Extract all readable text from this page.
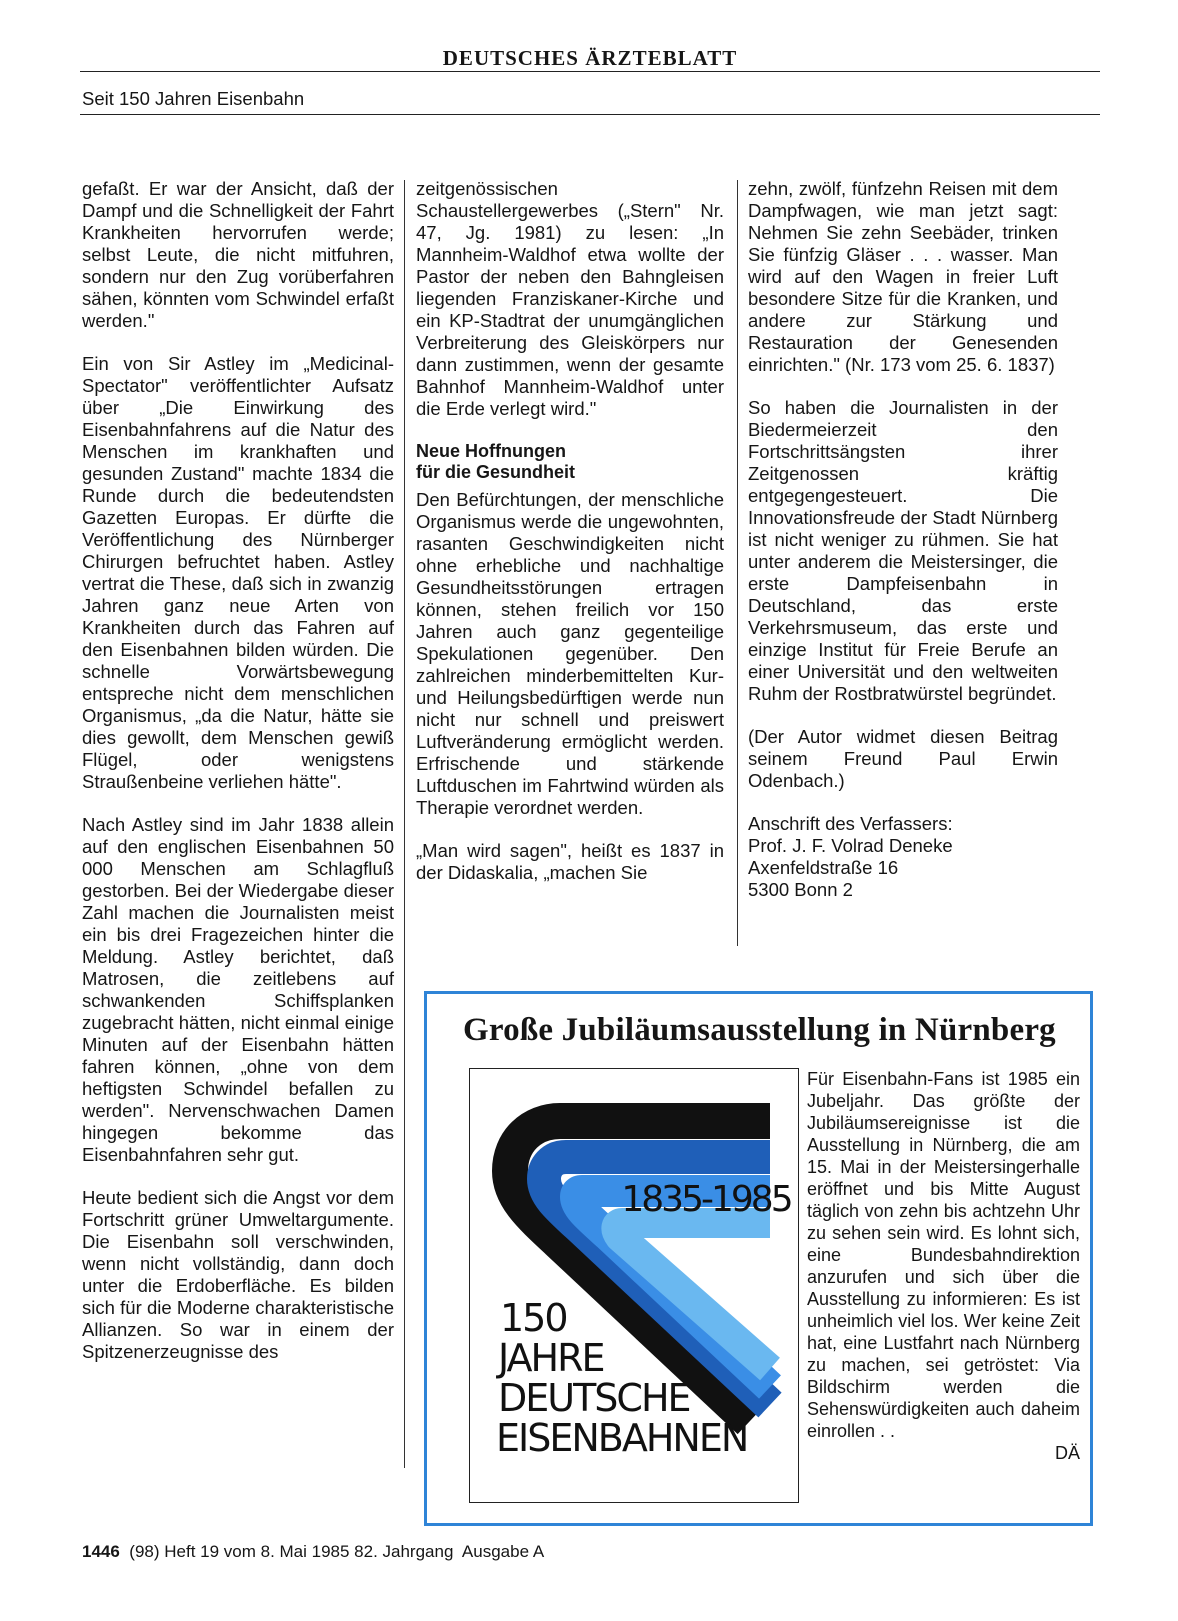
DEUTSCHES ÄRZTEBLATT
Seit 150 Jahren Eisenbahn

gefaßt. Er war der Ansicht, daß der Dampf und die Schnelligkeit der Fahrt Krankheiten hervorrufen werde; selbst Leute, die nicht mitfuhren, sondern nur den Zug vorüberfahren sähen, könnten vom Schwindel erfaßt werden."

Ein von Sir Astley im „Medicinal-Spectator" veröffentlichter Aufsatz über „Die Einwirkung des Eisenbahnfahrens auf die Natur des Menschen im krankhaften und gesunden Zustand" machte 1834 die Runde durch die bedeutendsten Gazetten Europas. Er dürfte die Veröffentlichung des Nürnberger Chirurgen befruchtet haben. Astley vertrat die These, daß sich in zwanzig Jahren ganz neue Arten von Krankheiten durch das Fahren auf den Eisenbahnen bilden würden. Die schnelle Vorwärtsbewegung entspreche nicht dem menschlichen Organismus, „da die Natur, hätte sie dies gewollt, dem Menschen gewiß Flügel, oder wenigstens Straußenbeine verliehen hätte".

Nach Astley sind im Jahr 1838 allein auf den englischen Eisenbahnen 50 000 Menschen am Schlagfluß gestorben. Bei der Wiedergabe dieser Zahl machen die Journalisten meist ein bis drei Fragezeichen hinter die Meldung. Astley berichtet, daß Matrosen, die zeitlebens auf schwankenden Schiffsplanken zugebracht hätten, nicht einmal einige Minuten auf der Eisenbahn hätten fahren können, „ohne von dem heftigsten Schwindel befallen zu werden". Nervenschwachen Damen hingegen bekomme das Eisenbahnfahren sehr gut.

Heute bedient sich die Angst vor dem Fortschritt grüner Umweltargumente. Die Eisenbahn soll verschwinden, wenn nicht vollständig, dann doch unter die Erdoberfläche. Es bilden sich für die Moderne charakteristische Allianzen. So war in einem der Spitzenerzeugnisse des

zeitgenössischen Schaustellergewerbes („Stern" Nr. 47, Jg. 1981) zu lesen: „In Mannheim-Waldhof etwa wollte der Pastor der neben den Bahngleisen liegenden Franziskaner-Kirche und ein KP-Stadtrat der unumgänglichen Verbreiterung des Gleiskörpers nur dann zustimmen, wenn der gesamte Bahnhof Mannheim-Waldhof unter die Erde verlegt wird."

Neue Hoffnungen
für die Gesundheit

Den Befürchtungen, der menschliche Organismus werde die ungewohnten, rasanten Geschwindigkeiten nicht ohne erhebliche und nachhaltige Gesundheitsstörungen ertragen können, stehen freilich vor 150 Jahren auch ganz gegenteilige Spekulationen gegenüber. Den zahlreichen minderbemittelten Kur- und Heilungsbedürftigen werde nun nicht nur schnell und preiswert Luftveränderung ermöglicht werden. Erfrischende und stärkende Luftduschen im Fahrtwind würden als Therapie verordnet werden.

„Man wird sagen", heißt es 1837 in der Didaskalia, „machen Sie

zehn, zwölf, fünfzehn Reisen mit dem Dampfwagen, wie man jetzt sagt: Nehmen Sie zehn Seebäder, trinken Sie fünfzig Gläser . . . wasser. Man wird auf den Wagen in freier Luft besondere Sitze für die Kranken, und andere zur Stärkung und Restauration der Genesenden einrichten." (Nr. 173 vom 25. 6. 1837)

So haben die Journalisten in der Biedermeierzeit den Fortschrittsängsten ihrer Zeitgenossen kräftig entgegengesteuert. Die Innovationsfreude der Stadt Nürnberg ist nicht weniger zu rühmen. Sie hat unter anderem die Meistersinger, die erste Dampfeisenbahn in Deutschland, das erste Verkehrsmuseum, das erste und einzige Institut für Freie Berufe an einer Universität und den weltweiten Ruhm der Rostbratwürstel begründet.

(Der Autor widmet diesen Beitrag seinem Freund Paul Erwin Odenbach.)

Anschrift des Verfassers:
Prof. J. F. Volrad Deneke
Axenfeldstraße 16
5300 Bonn 2
Große Jubiläumsausstellung in Nürnberg
1835-1985
150
JAHRE
DEUTSCHE
EISENBAHNEN
Für Eisenbahn-Fans ist 1985 ein Jubeljahr. Das größte der Jubiläumsereignisse ist die Ausstellung in Nürnberg, die am 15. Mai in der Meistersingerhalle eröffnet und bis Mitte August täglich von zehn bis achtzehn Uhr zu sehen sein wird. Es lohnt sich, eine Bundesbahndirektion anzurufen und sich über die Ausstellung zu informieren: Es ist unheimlich viel los. Wer keine Zeit hat, eine Lustfahrt nach Nürnberg zu machen, sei getröstet: Via Bildschirm werden die Sehenswürdigkeiten auch daheim einrollen . .
DÄ
1446 (98) Heft 19 vom 8. Mai 1985 82. Jahrgang  Ausgabe A
